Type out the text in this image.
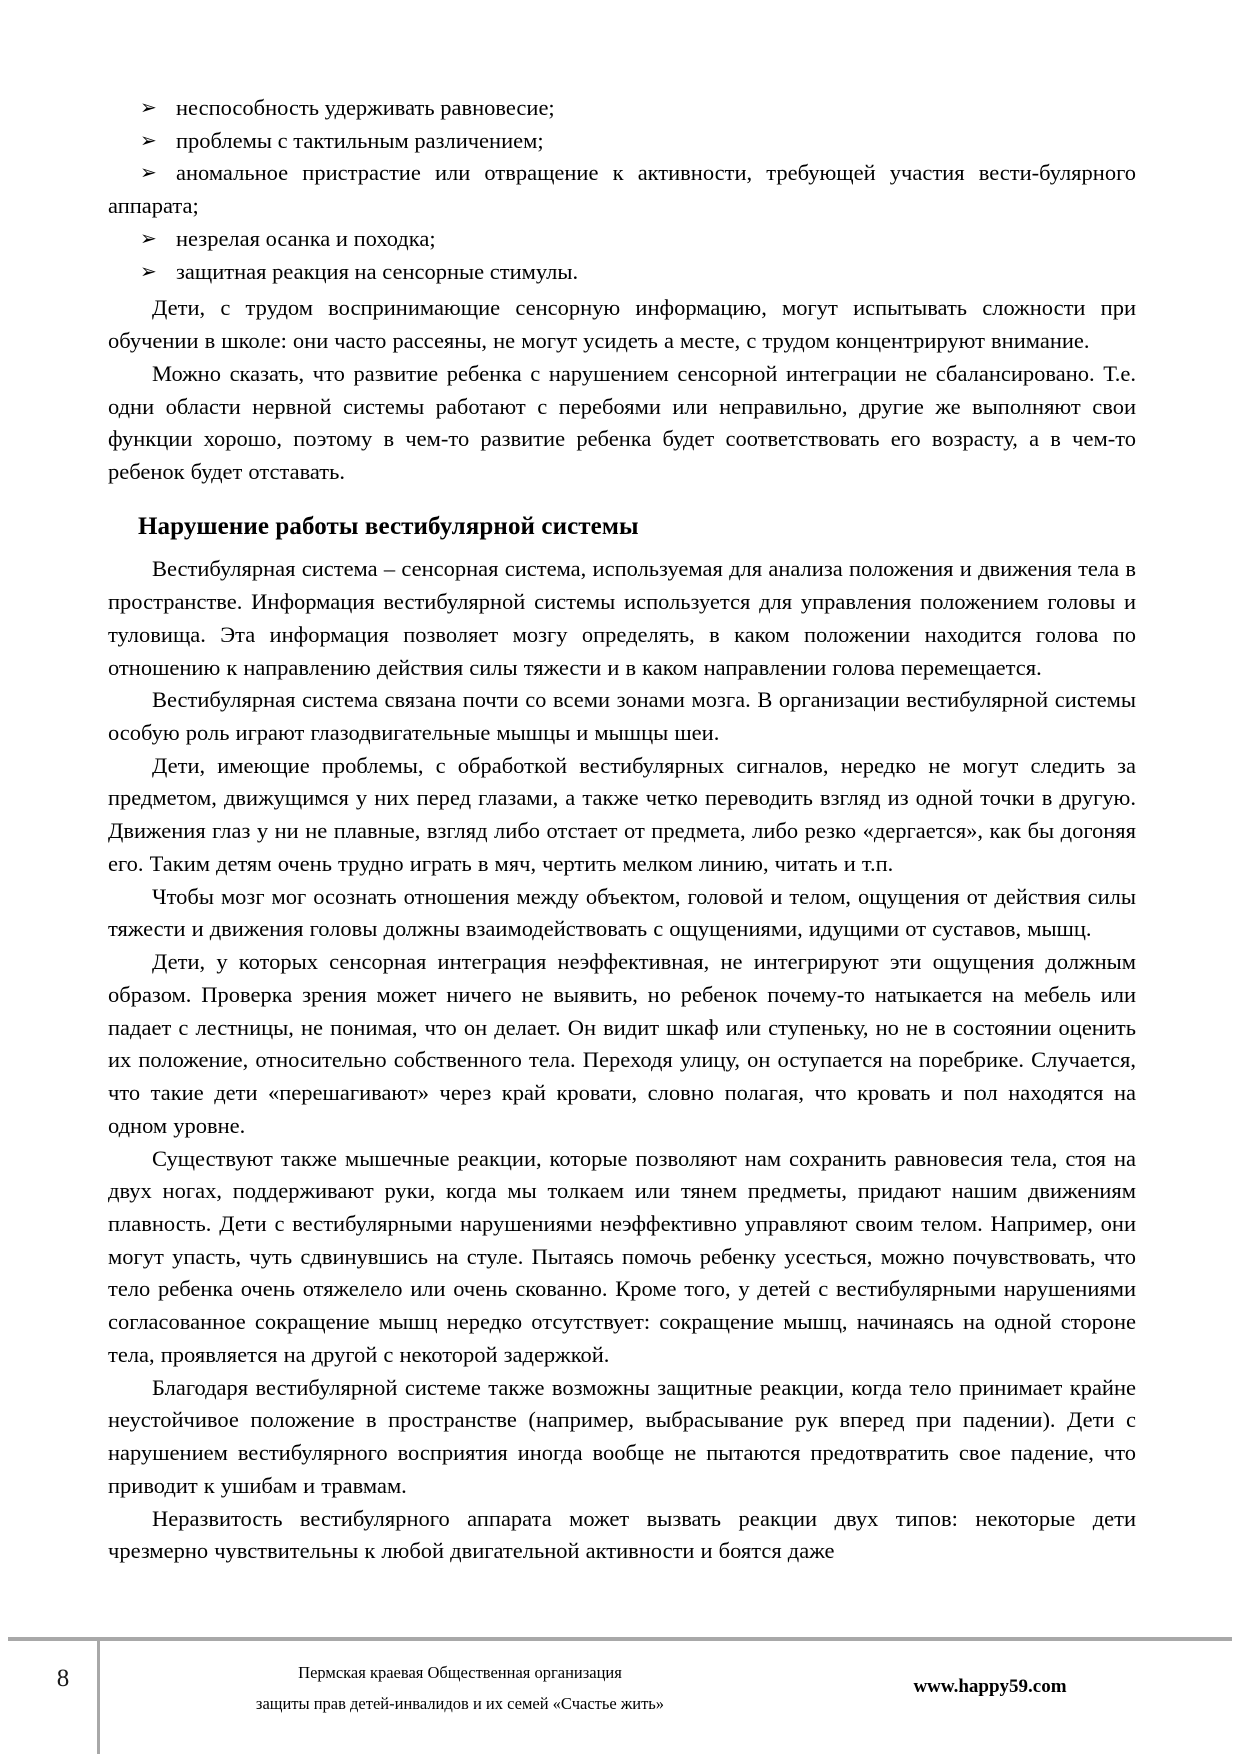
➢ неспособность удерживать равновесие;
➢ проблемы с тактильным различением;
➢ аномальное пристрастие или отвращение к активности, требующей участия вести-булярного аппарата;
➢ незрелая осанка и походка;
➢ защитная реакция на сенсорные стимулы.

Дети, с трудом воспринимающие сенсорную информацию, могут испытывать сложности при обучении в школе: они часто рассеяны, не могут усидеть а месте, с трудом концентрируют внимание.

Можно сказать, что развитие ребенка с нарушением сенсорной интеграции не сбалансировано. Т.е. одни области нервной системы работают с перебоями или неправильно, другие же выполняют свои функции хорошо, поэтому в чем-то развитие ребенка будет соответствовать его возрасту, а в чем-то ребенок будет отставать.

Нарушение работы вестибулярной системы

Вестибулярная система – сенсорная система, используемая для анализа положения и движения тела в пространстве. Информация вестибулярной системы используется для управления положением головы и туловища. Эта информация позволяет мозгу определять, в каком положении находится голова по отношению к направлению действия силы тяжести и в каком направлении голова перемещается.

Вестибулярная система связана почти со всеми зонами мозга. В организации вестибулярной системы особую роль играют глазодвигательные мышцы и мышцы шеи.

Дети, имеющие проблемы, с обработкой вестибулярных сигналов, нередко не могут следить за предметом, движущимся у них перед глазами, а также четко переводить взгляд из одной точки в другую. Движения глаз у ни не плавные, взгляд либо отстает от предмета, либо резко «дергается», как бы догоняя его. Таким детям очень трудно играть в мяч, чертить мелком линию, читать и т.п.

Чтобы мозг мог осознать отношения между объектом, головой и телом, ощущения от действия силы тяжести и движения головы должны взаимодействовать с ощущениями, идущими от суставов, мышц.

Дети, у которых сенсорная интеграция неэффективная, не интегрируют эти ощущения должным образом. Проверка зрения может ничего не выявить, но ребенок почему-то натыкается на мебель или падает с лестницы, не понимая, что он делает. Он видит шкаф или ступеньку, но не в состоянии оценить их положение, относительно собственного тела. Переходя улицу, он оступается на поребрике. Случается, что такие дети «перешагивают» через край кровати, словно полагая, что кровать и пол находятся на одном уровне.

Существуют также мышечные реакции, которые позволяют нам сохранить равновесия тела, стоя на двух ногах, поддерживают руки, когда мы толкаем или тянем предметы, придают нашим движениям плавность. Дети с вестибулярными нарушениями неэффективно управляют своим телом. Например, они могут упасть, чуть сдвинувшись на стуле. Пытаясь помочь ребенку усесться, можно почувствовать, что тело ребенка очень отяжелело или очень скованно. Кроме того, у детей с вестибулярными нарушениями согласованное сокращение мышц нередко отсутствует: сокращение мышц, начинаясь на одной стороне тела, проявляется на другой с некоторой задержкой.

Благодаря вестибулярной системе также возможны защитные реакции, когда тело принимает крайне неустойчивое положение в пространстве (например, выбрасывание рук вперед при падении). Дети с нарушением вестибулярного восприятия иногда вообще не пытаются предотвратить свое падение, что приводит к ушибам и травмам.

Неразвитость вестибулярного аппарата может вызвать реакции двух типов: некоторые дети чрезмерно чувствительны к любой двигательной активности и боятся даже

8	Пермская краевая Общественная организация
защиты прав детей-инвалидов и их семей «Счастье жить»
www.happy59.com
